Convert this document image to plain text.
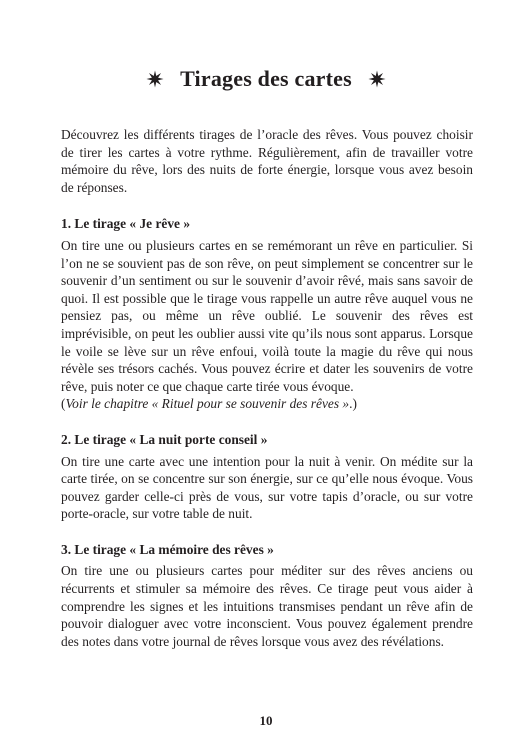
Tirages des cartes

Découvrez les différents tirages de l’oracle des rêves. Vous pouvez choisir de tirer les cartes à votre rythme. Régulièrement, afin de travailler votre mémoire du rêve, lors des nuits de forte énergie, lorsque vous avez besoin de réponses.

1. Le tirage « Je rêve »

On tire une ou plusieurs cartes en se remémorant un rêve en particulier. Si l’on ne se souvient pas de son rêve, on peut simplement se concentrer sur le souvenir d’un sentiment ou sur le souvenir d’avoir rêvé, mais sans savoir de quoi. Il est possible que le tirage vous rappelle un autre rêve auquel vous ne pensiez pas, ou même un rêve oublié. Le souvenir des rêves est imprévisible, on peut les oublier aussi vite qu’ils nous sont apparus. Lorsque le voile se lève sur un rêve enfoui, voilà toute la magie du rêve qui nous révèle ses trésors cachés. Vous pouvez écrire et dater les souvenirs de votre rêve, puis noter ce que chaque carte tirée vous évoque.

(Voir le chapitre « Rituel pour se souvenir des rêves ».)

2. Le tirage « La nuit porte conseil »

On tire une carte avec une intention pour la nuit à venir. On médite sur la carte tirée, on se concentre sur son énergie, sur ce qu’elle nous évoque. Vous pouvez garder celle-ci près de vous, sur votre tapis d’oracle, ou sur votre porte-oracle, sur votre table de nuit.

3. Le tirage « La mémoire des rêves »

On tire une ou plusieurs cartes pour méditer sur des rêves anciens ou récurrents et stimuler sa mémoire des rêves. Ce tirage peut vous aider à comprendre les signes et les intuitions transmises pendant un rêve afin de pouvoir dialoguer avec votre inconscient. Vous pouvez également prendre des notes dans votre journal de rêves lorsque vous avez des révélations.

10
